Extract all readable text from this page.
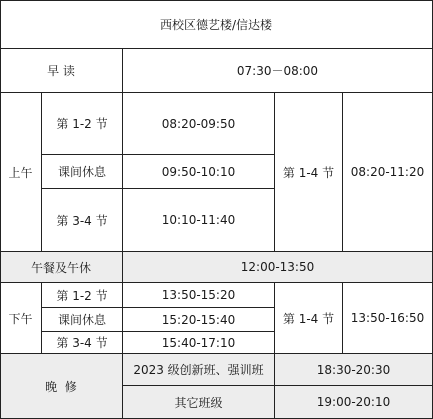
西校区德艺楼/信达楼
早 读	07:30－08:00
上午
第 1-2 节	08:20-09:50
课间休息	09:50-10:10
第 3-4 节	10:10-11:40
第 1-4 节 08:20-11:20
午餐及午休	12:00-13:50
下午
第 1-2 节	13:50-15:20
课间休息	15:20-15:40
第 3-4 节	15:40-17:10
第 1-4 节 13:50-16:50
晚  修
2023 级创新班、强训班	18:30-20:30
其它班级	19:00-20:10
